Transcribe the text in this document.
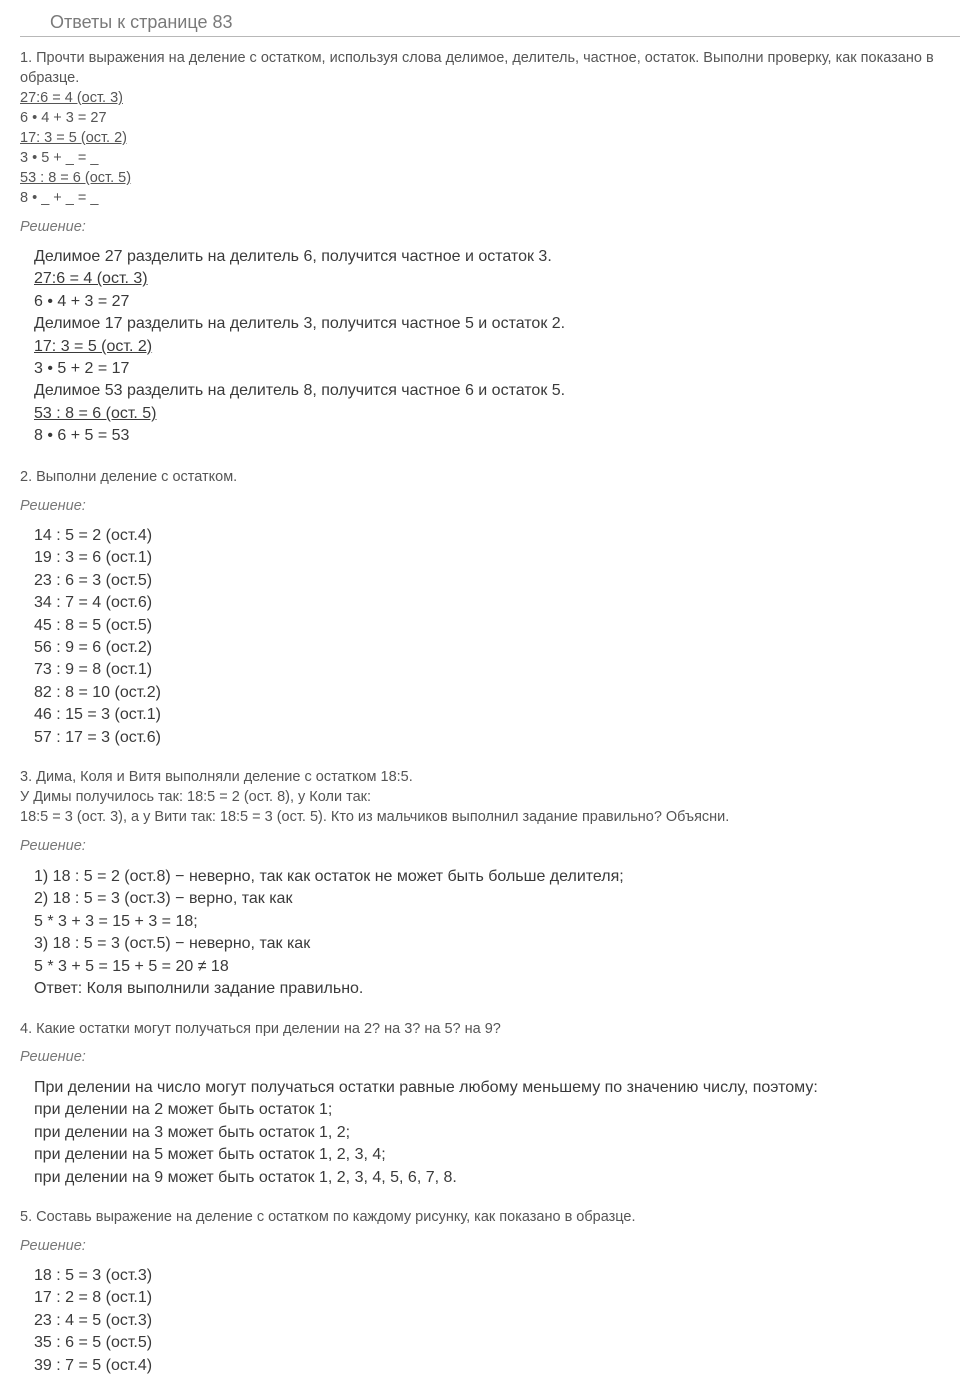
Ответы к странице 83
1. Прочти выражения на деление с остатком, используя слова делимое, делитель, частное, остаток. Выполни проверку, как показано в образце.
27:6 = 4 (ост. 3)
6 • 4 + 3 = 27
17: 3 = 5 (ост. 2)
3 • 5 + _ = _
53 : 8 = 6 (ост. 5)
8 • _ + _ = _
Решение:
Делимое 27 разделить на делитель 6, получится частное и остаток 3.
27:6 = 4 (ост. 3)
6 • 4 + 3 = 27
Делимое 17 разделить на делитель 3, получится частное 5 и остаток 2.
17: 3 = 5 (ост. 2)
3 • 5 + 2 = 17
Делимое 53 разделить на делитель 8, получится частное 6 и остаток 5.
53 : 8 = 6 (ост. 5)
8 • 6 + 5 = 53
2. Выполни деление с остатком.
Решение:
14 : 5 = 2 (ост.4)
19 : 3 = 6 (ост.1)
23 : 6 = 3 (ост.5)
34 : 7 = 4 (ост.6)
45 : 8 = 5 (ост.5)
56 : 9 = 6 (ост.2)
73 : 9 = 8 (ост.1)
82 : 8 = 10 (ост.2)
46 : 15 = 3 (ост.1)
57 : 17 = 3 (ост.6)
3. Дима, Коля и Витя выполняли деление с остатком 18:5.
У Димы получилось так: 18:5 = 2 (ост. 8), у Коли так:
18:5 = 3 (ост. 3), а у Вити так: 18:5 = 3 (ост. 5). Кто из мальчиков выполнил задание правильно? Объясни.
Решение:
1) 18 : 5 = 2 (ост.8) − неверно, так как остаток не может быть больше делителя;
2) 18 : 5 = 3 (ост.3) − верно, так как
5 * 3 + 3 = 15 + 3 = 18;
3) 18 : 5 = 3 (ост.5) − неверно, так как
5 * 3 + 5 = 15 + 5 = 20 ≠ 18
Ответ: Коля выполнили задание правильно.
4. Какие остатки могут получаться при делении на 2? на 3? на 5? на 9?
Решение:
При делении на число могут получаться остатки равные любому меньшему по значению числу, поэтому:
при делении на 2 может быть остаток 1;
при делении на 3 может быть остаток 1, 2;
при делении на 5 может быть остаток 1, 2, 3, 4;
при делении на 9 может быть остаток 1, 2, 3, 4, 5, 6, 7, 8.
5. Составь выражение на деление с остатком по каждому рисунку, как показано в образце.
Решение:
18 : 5 = 3 (ост.3)
17 : 2 = 8 (ост.1)
23 : 4 = 5 (ост.3)
35 : 6 = 5 (ост.5)
39 : 7 = 5 (ост.4)
